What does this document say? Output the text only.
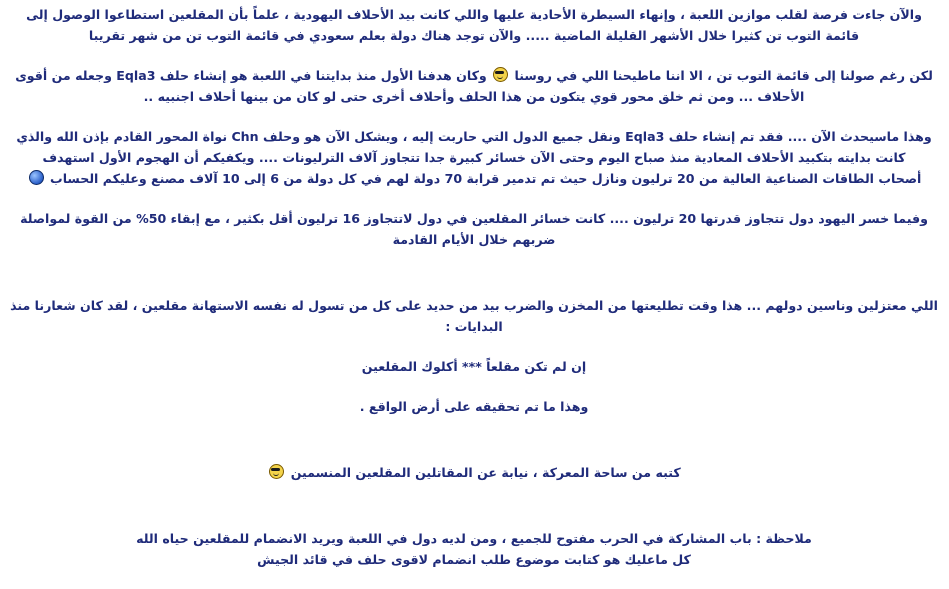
والآن جاءت فرصة لقلب موازين اللعبة ، وإنهاء السيطرة الأحادية عليها واللي كانت بيد الأحلاف اليهودية ، علماً بأن المقلعين استطاعوا الوصول إلى
قائمة التوب تن كثيرا خلال الأشهر القليلة الماضية ..... والآن توجد هناك دولة بعلم سعودي في قائمة التوب تن من شهر تقريبا
لكن رغم صولنا إلى قائمة التوب تن ، الا اننا ماطيحنا اللي في روسنا  وكان هدفنا الأول منذ بدايتنا في اللعبة هو إنشاء حلف Eqla3 وجعله من أقوى
الأحلاف ... ومن ثم خلق محور قوي يتكون من هذا الحلف وأحلاف أخرى حتى لو كان من بينها أحلاف اجنبيه ..
وهذا ماسيحدث الآن .... فقد تم إنشاء حلف Eqla3 ونقل جميع الدول التي حاربت إليه ، ويشكل الآن هو وحلف Chn نواة المحور القادم بإذن الله والذي
كانت بدايته بتكبيد الأحلاف المعادية منذ صباح اليوم وحتى الآن خسائر كبيرة جدا تتجاوز آلاف الترليونات .... ويكفيكم أن الهجوم الأول استهدف
أصحاب الطاقات الصناعية العالية من 20 ترليون ونازل حيث تم تدمير قرابة 70 دولة لهم في كل دولة من 6 إلى 10 آلاف مصنع وعليكم الحساب
وفيما خسر اليهود دول تتجاوز قدرتها 20 ترليون .... كانت خسائر المقلعين في دول لاتتجاوز 16 ترليون أقل بكثير ، مع إبقاء 50% من القوة لمواصلة
ضربهم خلال الأيام القادمة
اللي معتزلين وناسين دولهم ... هذا وقت تطليعتها من المخزن والضرب بيد من حديد على كل من تسول له نفسه الاستهانة مقلعين ، لقد كان شعارنا منذ
البدايات :
إن لم تكن مقلعاً *** أكلوك المقلعين
وهذا ما تم تحقيقه على أرض الواقع .
كتبه من ساحة المعركة ، نيابة عن المقاتلين المقلعين المنسمين
ملاحظة : باب المشاركة في الحرب مفتوح للجميع ، ومن لديه دول في اللعبة ويريد الانضمام للمقلعين حياه الله
كل ماعليك هو كتابت موضوع طلب انضمام لاقوى حلف في قائد الجيش
